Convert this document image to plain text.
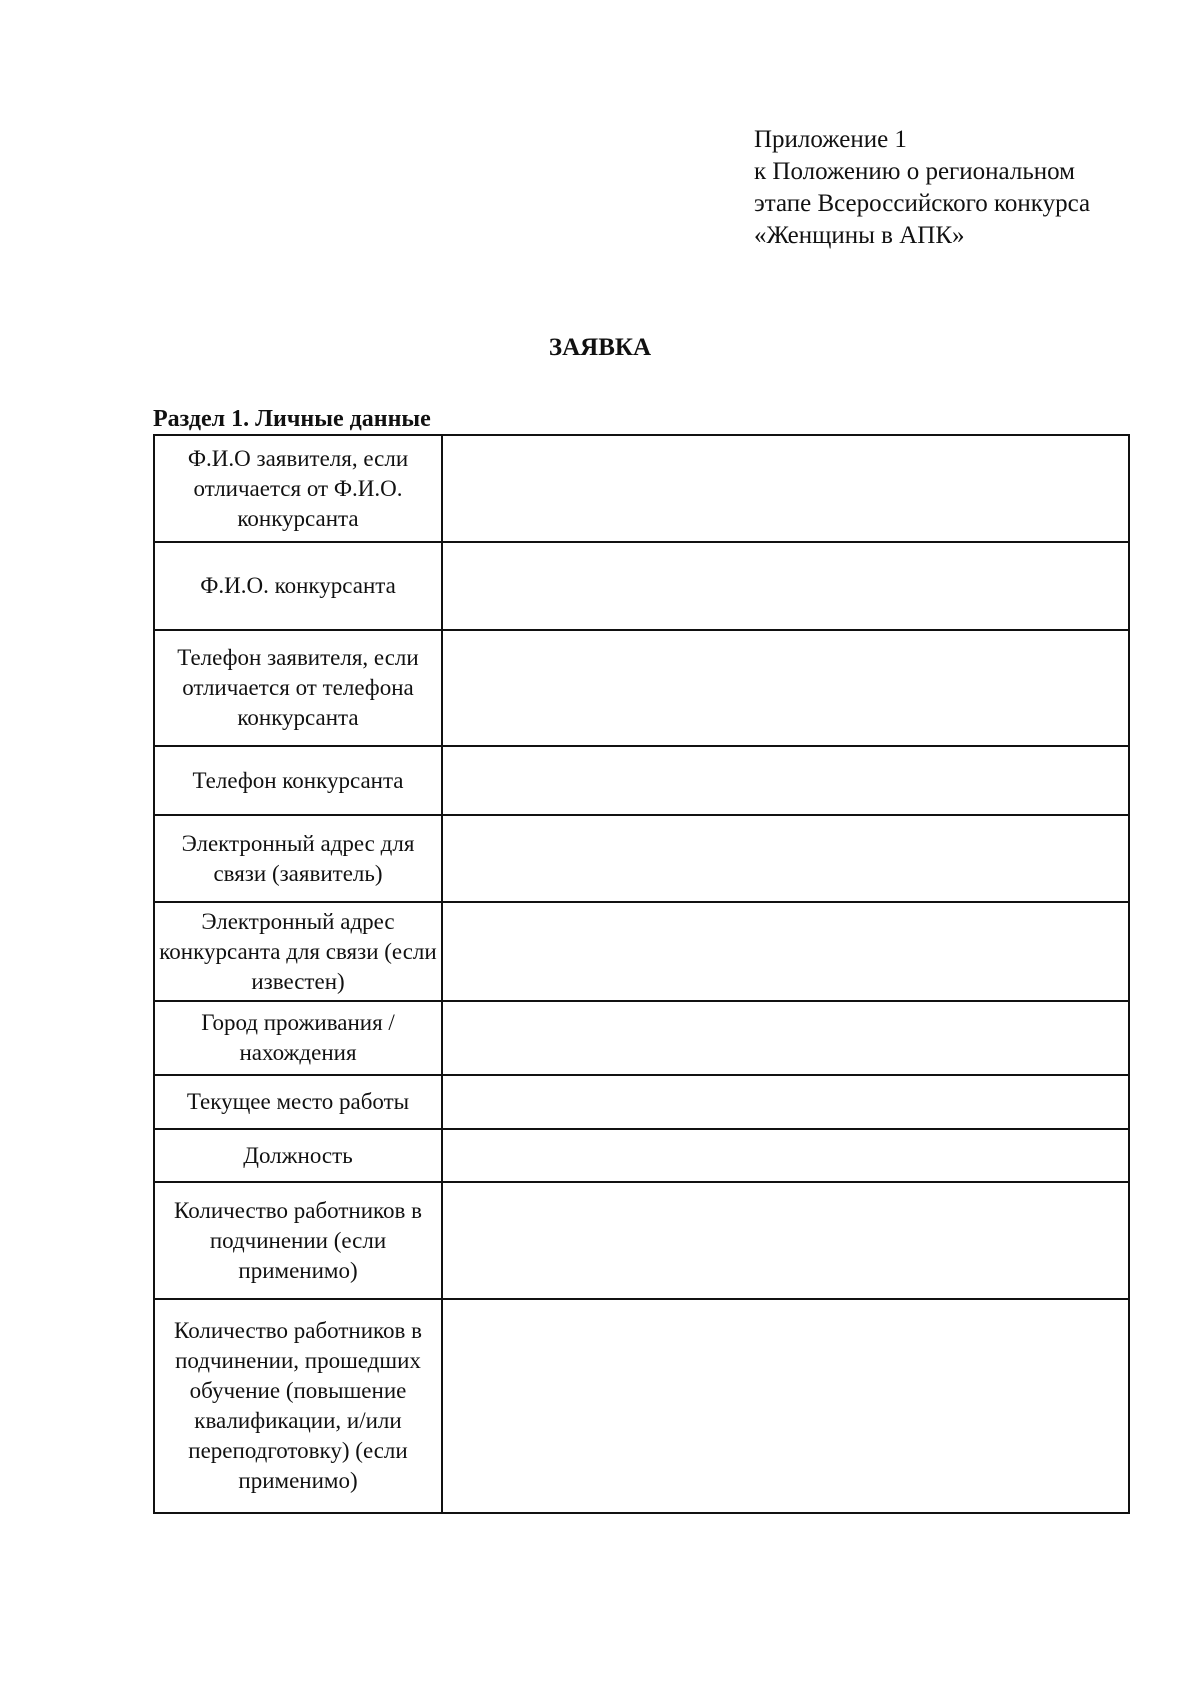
Приложение 1
к Положению о региональном
этапе Всероссийского конкурса
«Женщины в АПК»
ЗАЯВКА
Раздел 1. Личные данные
Ф.И.О заявителя, если отличается от Ф.И.О. конкурсанта	
Ф.И.О. конкурсанта	
Телефон заявителя, если отличается от телефона конкурсанта	
Телефон конкурсанта	
Электронный адрес для связи (заявитель)	
Электронный адрес конкурсанта для связи (если известен)	
Город проживания / нахождения	
Текущее место работы	
Должность	
Количество работников в подчинении (если применимо)	
Количество работников в подчинении, прошедших обучение (повышение квалификации, и/или переподготовку) (если применимо)	
